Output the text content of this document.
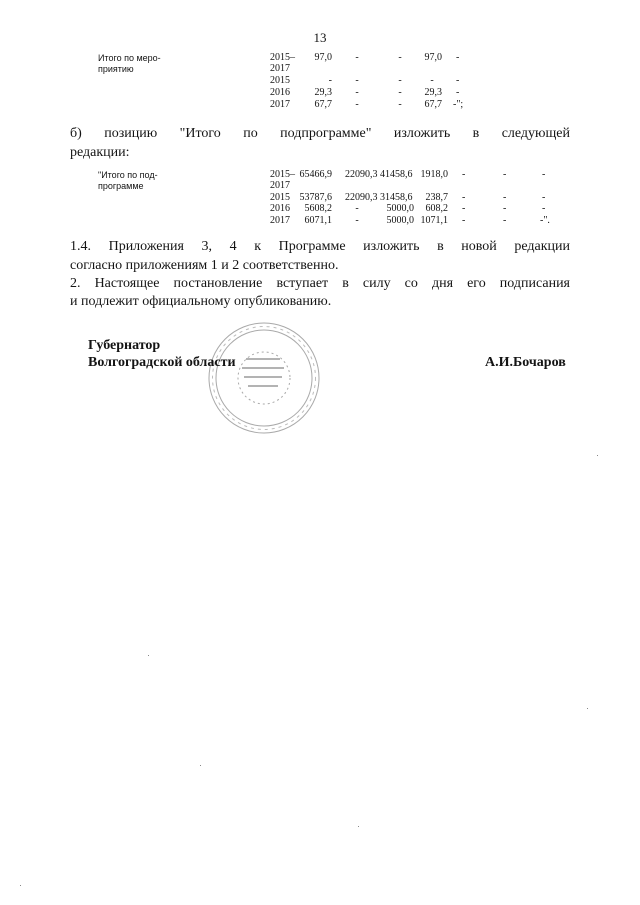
13
Итого по меро-
приятию
2015–
2017
97,0	-	-	97,0 -
2015	-	-	-	-	-
2016	29,3	-	-	29,3 -
2017	67,7	-	-	67,7 -";
б) позицию "Итого по подпрограмме" изложить в следующей
редакции:
"Итого по под-
программе
2015–
2017
65466,9 22090,3 41458,6 1918,0 -	-	-
2015 53787,6 22090,3 31458,6	238,7 -	-	-
2016	5608,2	-	5000,0	608,2 -	-	-
2017	6071,1	-	5000,0 1071,1 -	-	-".
1.4. Приложения 3, 4 к Программе изложить в новой редакции
согласно приложениям 1 и 2 соответственно.
2. Настоящее постановление вступает в силу со дня его подписания
и подлежит официальному опубликованию.
Губернатор
Волгоградской области	А.И.Бочаров
